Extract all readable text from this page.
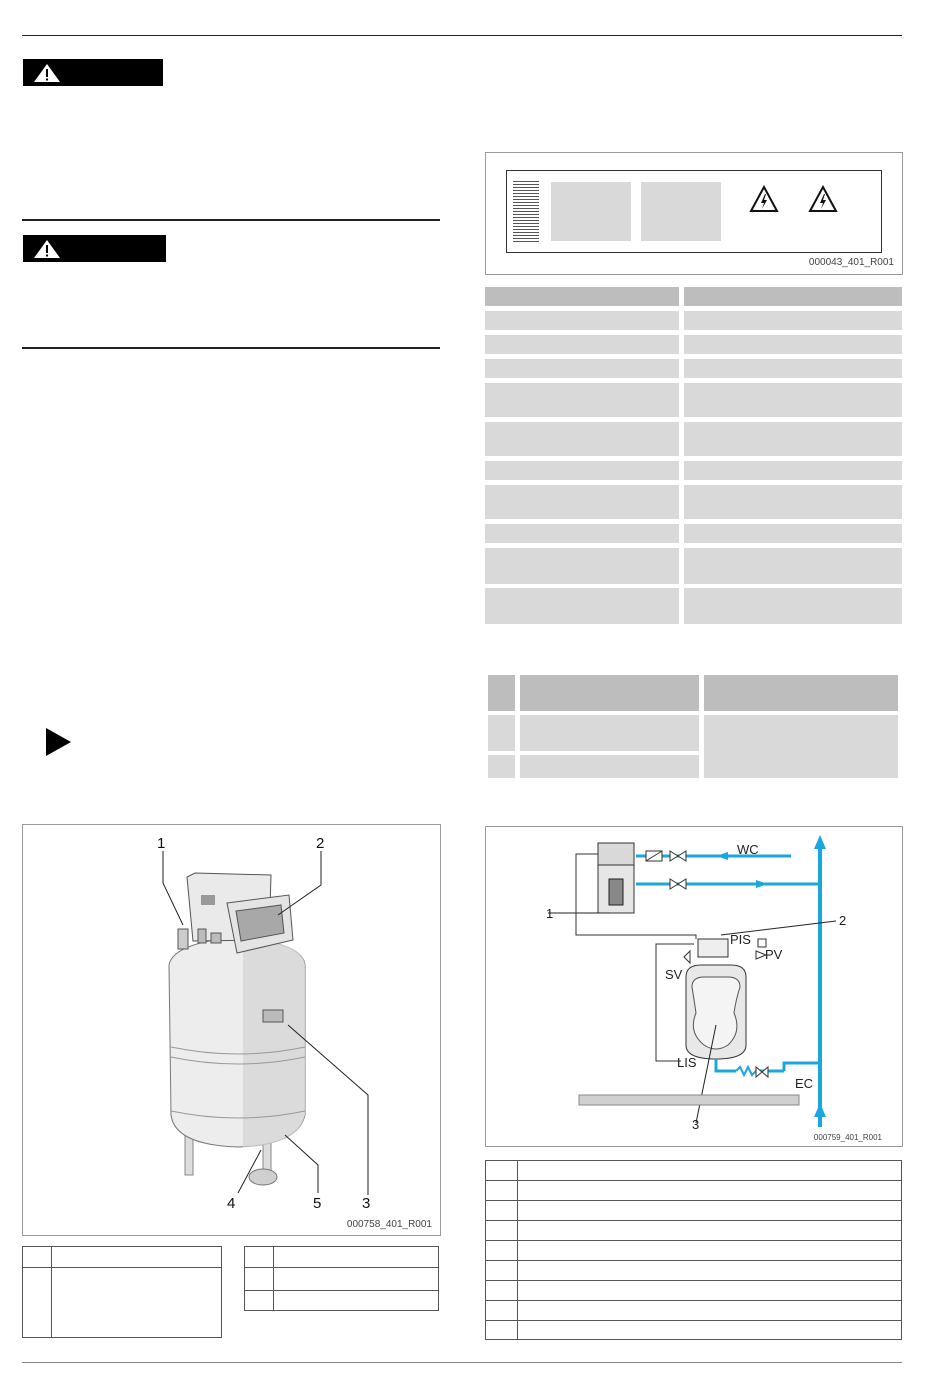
000043_401_R001
1	2
4	5	3
000758_401_R001
WC
1	2
PIS
PV
SV
LIS
EC
3
000759_401_R001
